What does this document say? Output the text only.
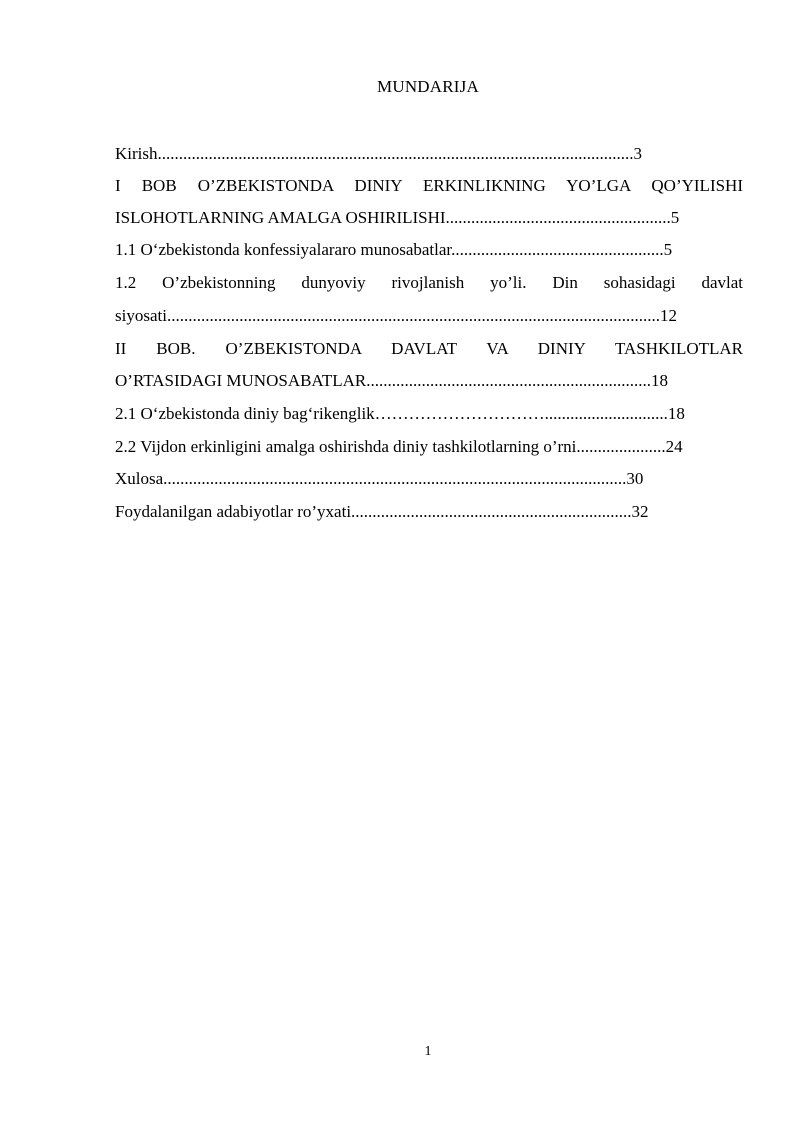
MUNDARIJA
Kirish................................................................................................................3
I BOB O’ZBEKISTONDA DINIY ERKINLIKNING YO’LGA QO’YILISHI
ISLOHOTLARNING AMALGA OSHIRILISHI.....................................................5
1.1 O‘zbekistonda konfessiyalararo munosabatlar..................................................5
1.2 O’zbekistonning dunyoviy rivojlanish yo’li. Din sohasidagi davlat
siyosati....................................................................................................................12
II BOB. O’ZBEKISTONDA DAVLAT VA DINIY TASHKILOTLAR
O’RTASIDAGI MUNOSABATLAR...................................................................18
2.1 O‘zbekistonda diniy bag‘rikenglik………………………….............................18
2.2 Vijdon erkinligini amalga oshirishda diniy tashkilotlarning o’rni.....................24
Xulosa.............................................................................................................30
Foydalanilgan adabiyotlar ro’yxati..................................................................32
1
